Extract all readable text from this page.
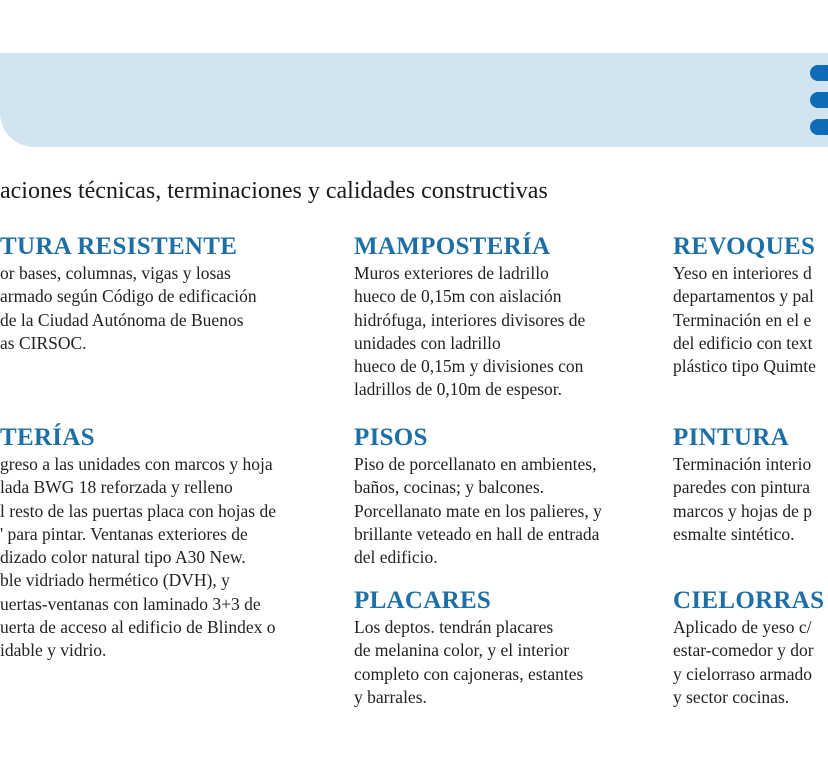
aciones técnicas, terminaciones y calidades constructivas
TURA RESISTENTE
or bases, columnas, vigas y losas
armado según Código de edificación
de la Ciudad Autónoma de Buenos
as CIRSOC.
MAMPOSTERÍA
Muros exteriores de ladrillo
hueco de 0,15m con aislación
hidrófuga, interiores divisores de
unidades con ladrillo
hueco de 0,15m y divisiones con
ladrillos de 0,10m de espesor.
REVOQUES
Yeso en interiores d
departamentos y pal
Terminación en el e
del edificio con text
plástico tipo Quimte
TERÍAS
greso a las unidades con marcos y hoja
lada BWG 18 reforzada y relleno
l resto de las puertas placa con hojas de
' para pintar. Ventanas exteriores de
dizado color natural tipo A30 New.
ble vidriado hermético (DVH), y
uertas-ventanas con laminado 3+3 de
uerta de acceso al edificio de Blindex o
idable y vidrio.
PISOS
Piso de porcellanato en ambientes,
baños, cocinas; y balcones.
Porcellanato mate en los palieres, y
brillante veteado en hall de entrada
del edificio.
PINTURA
Terminación interio
paredes con pintura
marcos y hojas de p
esmalte sintético.
PLACARES
Los deptos. tendrán placares
de melanina color, y el interior
completo con cajoneras, estantes
y barrales.
CIELORRAS
Aplicado de yeso c/
estar-comedor y dor
y cielorraso armado
y sector cocinas.
